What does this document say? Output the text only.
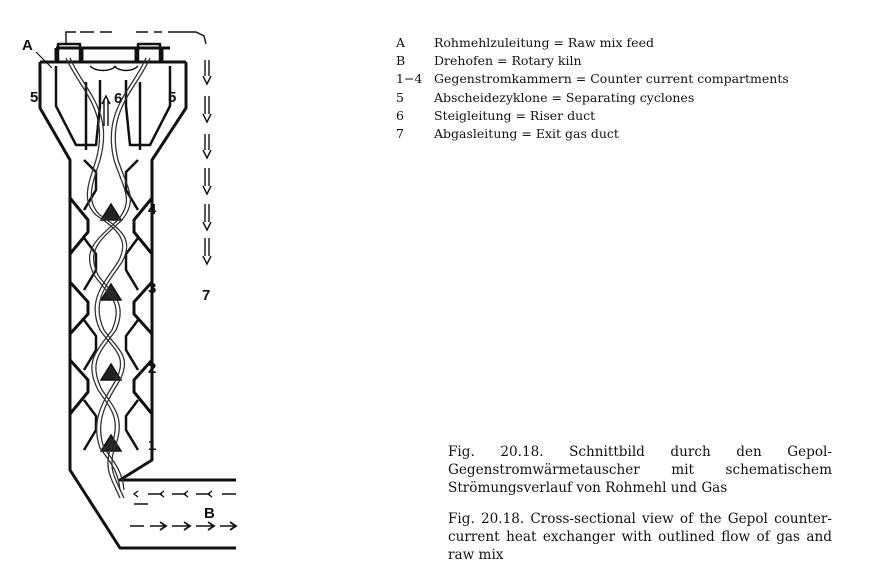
A
5	5
6
4
3
2
1
7
B
A	Rohmehlzuleitung = Raw mix feed
B	Drehofen = Rotary kiln
1−4 Gegenstromkammern = Counter current compartments
5	Abscheidezyklone = Separating cyclones
6	Steigleitung = Riser duct
7	Abgasleitung = Exit gas duct
Fig. 20.18. Schnittbild durch den Gepol-Gegenstromwärmetauscher mit schematischem Strömungsverlauf von Rohmehl und Gas
Fig. 20.18. Cross-sectional view of the Gepol counter-current heat exchanger with outlined flow of gas and raw mix
